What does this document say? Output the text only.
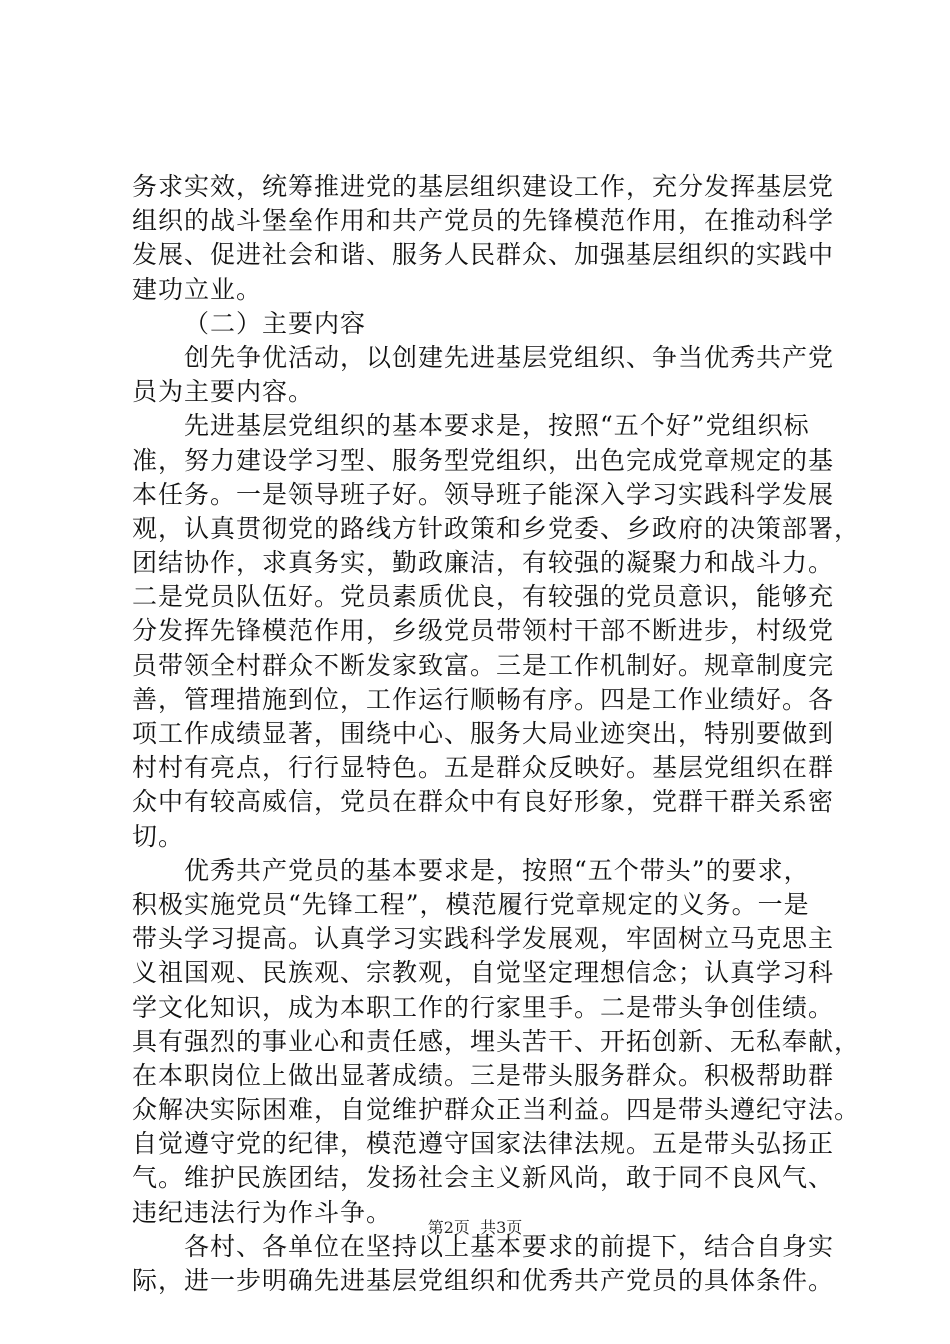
务求实效，统筹推进党的基层组织建设工作，充分发挥基层党
组织的战斗堡垒作用和共产党员的先锋模范作用，在推动科学
发展、促进社会和谐、服务人民群众、加强基层组织的实践中
建功立业。
（二）主要内容
创先争优活动，以创建先进基层党组织、争当优秀共产党
员为主要内容。
先进基层党组织的基本要求是，按照“五个好”党组织标
准，努力建设学习型、服务型党组织，出色完成党章规定的基
本任务。一是领导班子好。领导班子能深入学习实践科学发展
观，认真贯彻党的路线方针政策和乡党委、乡政府的决策部署，
团结协作，求真务实，勤政廉洁，有较强的凝聚力和战斗力。
二是党员队伍好。党员素质优良，有较强的党员意识，能够充
分发挥先锋模范作用，乡级党员带领村干部不断进步，村级党
员带领全村群众不断发家致富。三是工作机制好。规章制度完
善，管理措施到位，工作运行顺畅有序。四是工作业绩好。各
项工作成绩显著，围绕中心、服务大局业迹突出，特别要做到
村村有亮点，行行显特色。五是群众反映好。基层党组织在群
众中有较高威信，党员在群众中有良好形象，党群干群关系密
切。
优秀共产党员的基本要求是，按照“五个带头”的要求，
积极实施党员“先锋工程”，模范履行党章规定的义务。一是
带头学习提高。认真学习实践科学发展观，牢固树立马克思主
义祖国观、民族观、宗教观，自觉坚定理想信念；认真学习科
学文化知识，成为本职工作的行家里手。二是带头争创佳绩。
具有强烈的事业心和责任感，埋头苦干、开拓创新、无私奉献，
在本职岗位上做出显著成绩。三是带头服务群众。积极帮助群
众解决实际困难，自觉维护群众正当利益。四是带头遵纪守法。
自觉遵守党的纪律，模范遵守国家法律法规。五是带头弘扬正
气。维护民族团结，发扬社会主义新风尚，敢于同不良风气、
违纪违法行为作斗争。
各村、各单位在坚持以上基本要求的前提下，结合自身实
际，进一步明确先进基层党组织和优秀共产党员的具体条件。
第2页  共3页
